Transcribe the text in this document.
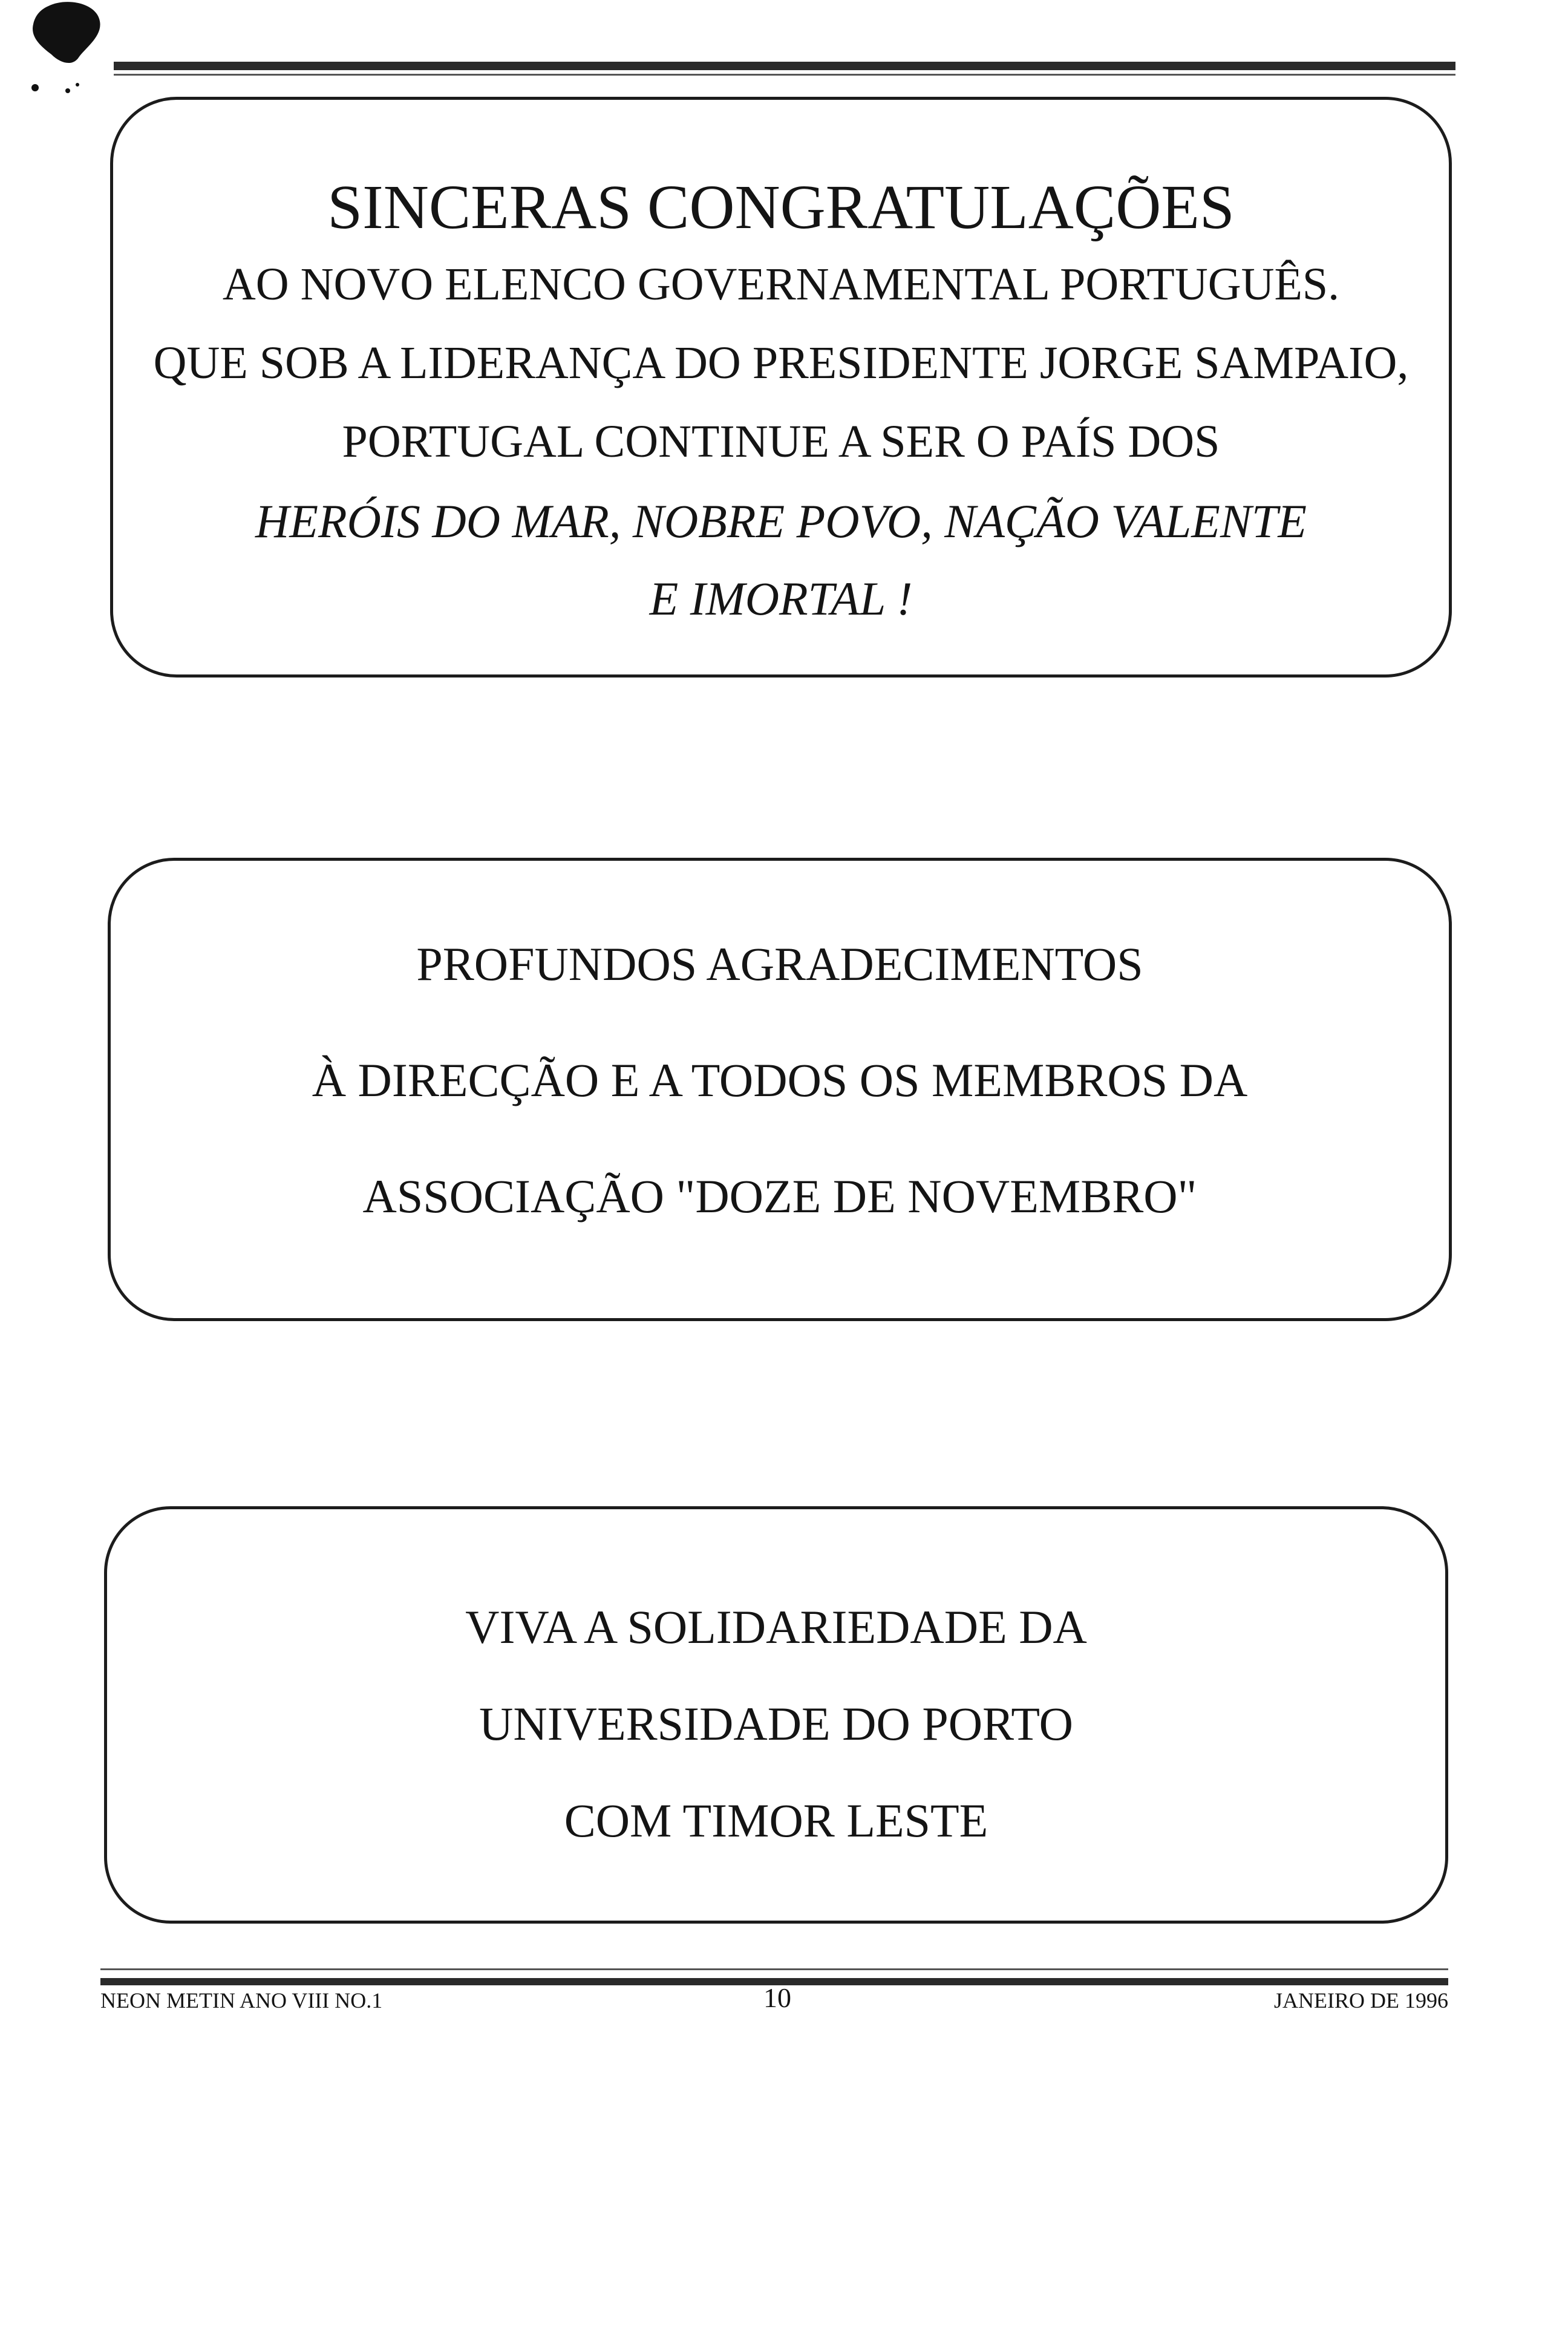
SINCERAS CONGRATULAÇÕES
AO NOVO ELENCO GOVERNAMENTAL PORTUGUÊS.
QUE SOB A LIDERANÇA DO PRESIDENTE JORGE SAMPAIO,
PORTUGAL CONTINUE A SER O PAÍS DOS
HERÓIS DO MAR, NOBRE POVO, NAÇÃO VALENTE
E IMORTAL !
PROFUNDOS AGRADECIMENTOS
À DIRECÇÃO E A TODOS OS MEMBROS DA
ASSOCIAÇÃO "DOZE DE NOVEMBRO"
VIVA A SOLIDARIEDADE DA
UNIVERSIDADE DO PORTO
COM TIMOR LESTE
NEON METIN ANO VIII NO.1	10	JANEIRO DE 1996
